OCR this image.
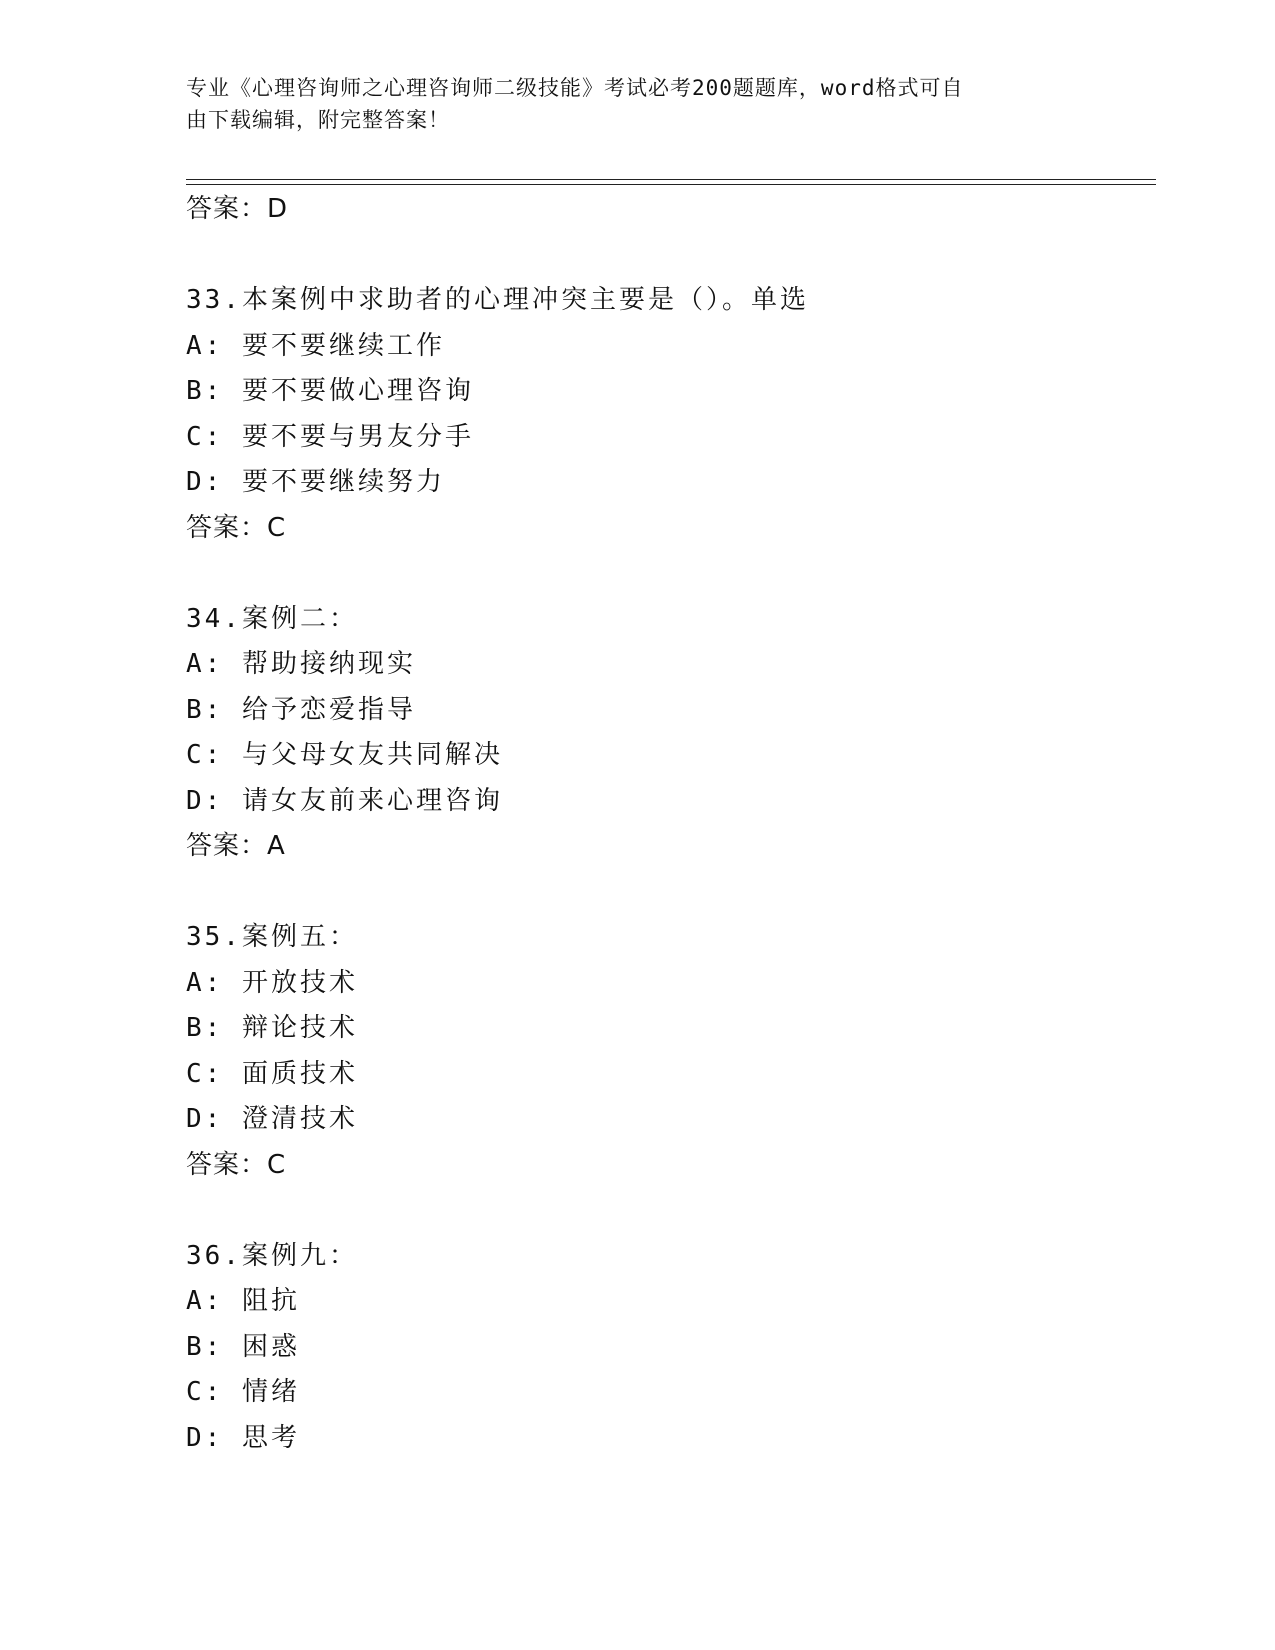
专业《心理咨询师之心理咨询师二级技能》考试必考200题题库，word格式可自
由下载编辑，附完整答案！
答案：D
33.本案例中求助者的心理冲突主要是（）。单选
A: 要不要继续工作
B: 要不要做心理咨询
C: 要不要与男友分手
D: 要不要继续努力
答案：C
34.案例二：
A: 帮助接纳现实
B: 给予恋爱指导
C: 与父母女友共同解决
D: 请女友前来心理咨询
答案：A
35.案例五：
A: 开放技术
B: 辩论技术
C: 面质技术
D: 澄清技术
答案：C
36.案例九：
A: 阻抗
B: 困惑
C: 情绪
D: 思考
